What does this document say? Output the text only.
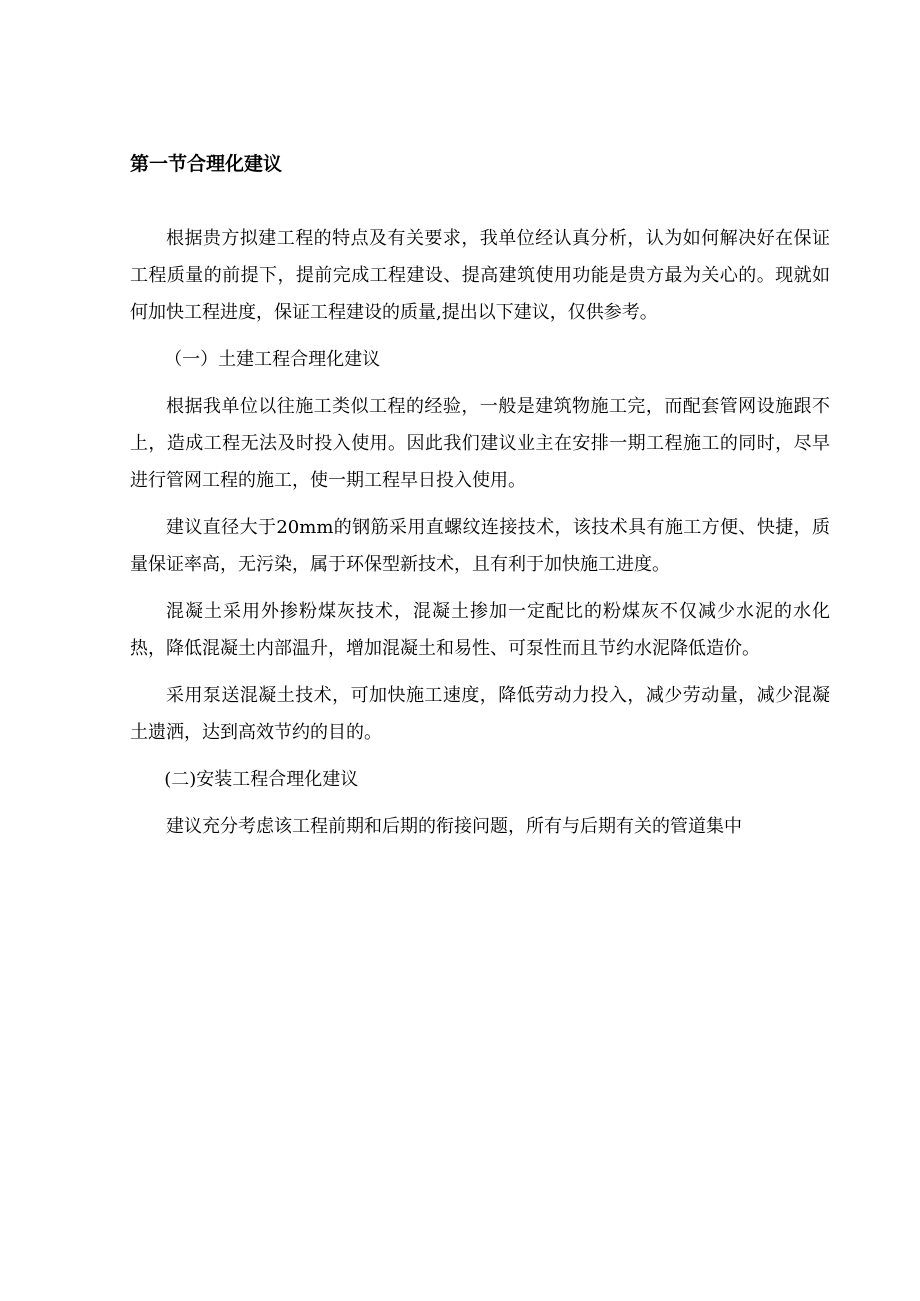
第一节合理化建议

根据贵方拟建工程的特点及有关要求，我单位经认真分析，认为如何解决好在保证工程质量的前提下，提前完成工程建设、提高建筑使用功能是贵方最为关心的。现就如何加快工程进度，保证工程建设的质量,提出以下建议，仅供参考。

（一）土建工程合理化建议

根据我单位以往施工类似工程的经验，一般是建筑物施工完，而配套管网设施跟不上，造成工程无法及时投入使用。因此我们建议业主在安排一期工程施工的同时，尽早进行管网工程的施工，使一期工程早日投入使用。

建议直径大于20mm的钢筋采用直螺纹连接技术，该技术具有施工方便、快捷，质量保证率高，无污染，属于环保型新技术，且有利于加快施工进度。

混凝土采用外掺粉煤灰技术，混凝土掺加一定配比的粉煤灰不仅减少水泥的水化热，降低混凝土内部温升，增加混凝土和易性、可泵性而且节约水泥降低造价。

采用泵送混凝土技术，可加快施工速度，降低劳动力投入，减少劳动量，减少混凝土遗洒，达到高效节约的目的。

(二)安装工程合理化建议

建议充分考虑该工程前期和后期的衔接问题，所有与后期有关的管道集中
